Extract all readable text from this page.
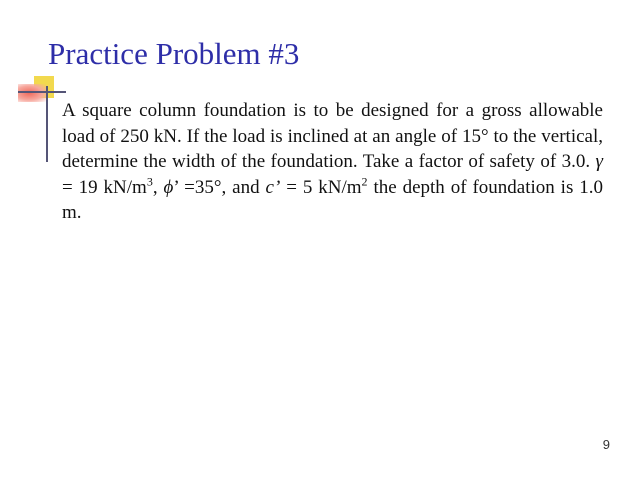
Practice Problem #3
A square column foundation is to be designed for a gross allowable load of 250 kN. If the load is inclined at an angle of 15° to the vertical, determine the width of the foundation. Take a factor of safety of 3.0. γ = 19 $kN/m^3$, ϕ’ =35°, and c’ = 5 $kN/m^2$ the depth of foundation is 1.0 m.
9
